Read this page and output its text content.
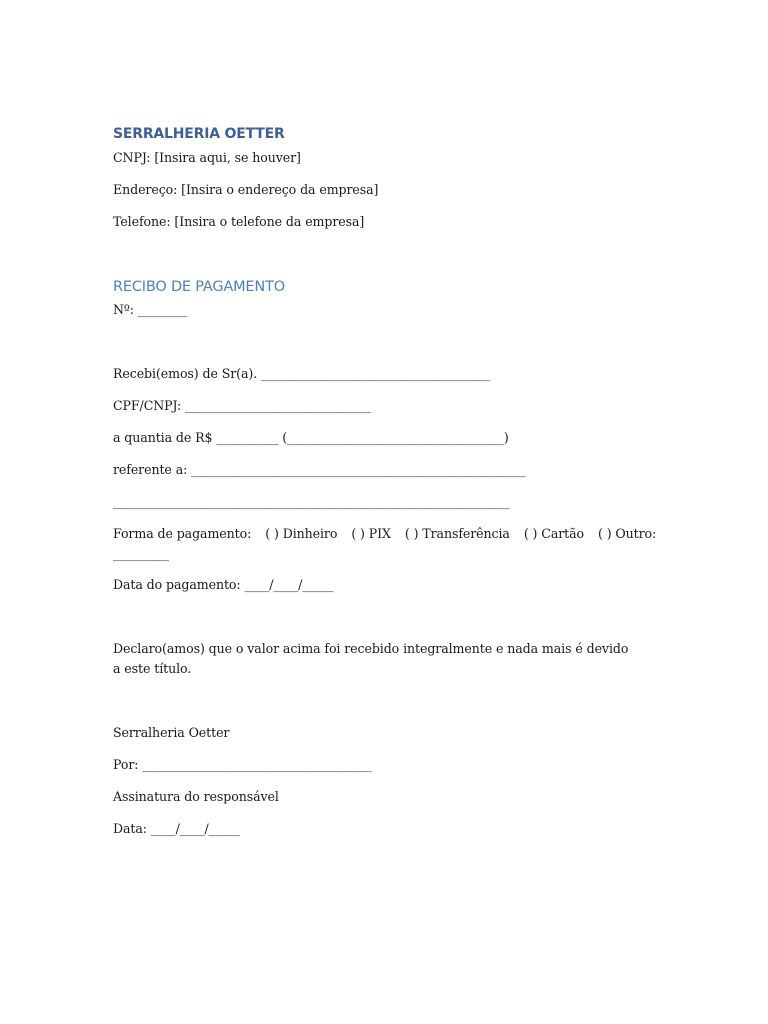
SERRALHERIA OETTER
CNPJ: [Insira aqui, se houver]
Endereço: [Insira o endereço da empresa]
Telefone: [Insira o telefone da empresa]
RECIBO DE PAGAMENTO
Nº: ________
Recebi(emos) de Sr(a). _____________________________________
CPF/CNPJ: ______________________________
a quantia de R$ __________ (___________________________________)
referente a: ______________________________________________________
________________________________________________________________
Forma de pagamento: ( ) Dinheiro ( ) PIX ( ) Transferência ( ) Cartão ( ) Outro:
_________
Data do pagamento: ____/____/_____
Declaro(amos) que o valor acima foi recebido integralmente e nada mais é devido a este título.
Serralheria Oetter
Por: _____________________________________
Assinatura do responsável
Data: ____/____/_____
